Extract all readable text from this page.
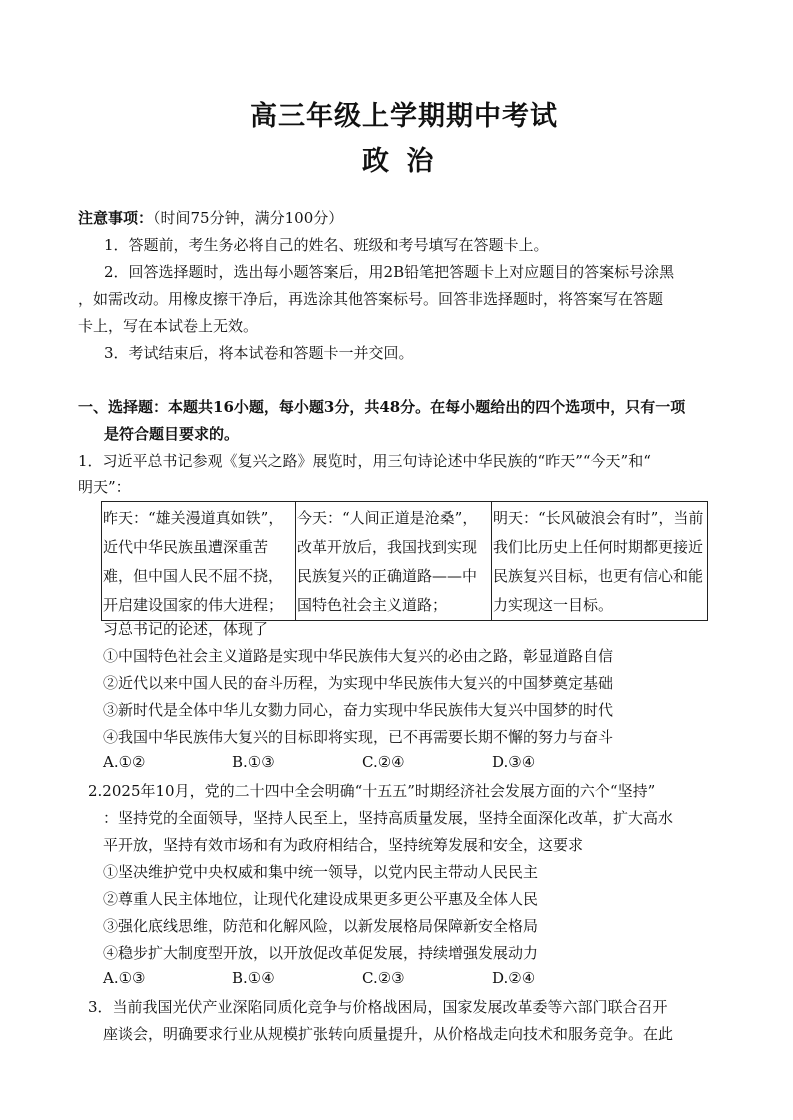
高三年级上学期期中考试
政 治
注意事项：（时间75分钟，满分100分）
1．答题前，考生务必将自己的姓名、班级和考号填写在答题卡上。
2．回答选择题时，选出每小题答案后，用2B铅笔把答题卡上对应题目的答案标号涂黑
，如需改动。用橡皮擦干净后，再选涂其他答案标号。回答非选择题时，将答案写在答题
卡上，写在本试卷上无效。
3．考试结束后，将本试卷和答题卡一并交回。
一、选择题：本题共16小题，每小题3分，共48分。在每小题给出的四个选项中，只有一项
是符合题目要求的。
1．习近平总书记参观《复兴之路》展览时，用三句诗论述中华民族的“昨天”“今天”和“
明天”：
昨天：“雄关漫道真如铁”，近代中华民族虽遭深重苦难，但中国人民不屈不挠，开启建设国家的伟大进程；	今天：“人间正道是沧桑”，改革开放后，我国找到实现民族复兴的正确道路——中国特色社会主义道路；	明天：“长风破浪会有时”，当前我们比历史上任何时期都更接近民族复兴目标，也更有信心和能力实现这一目标。
习总书记的论述，体现了
①中国特色社会主义道路是实现中华民族伟大复兴的必由之路，彰显道路自信
②近代以来中国人民的奋斗历程，为实现中华民族伟大复兴的中国梦奠定基础
③新时代是全体中华儿女勠力同心，奋力实现中华民族伟大复兴中国梦的时代
④我国中华民族伟大复兴的目标即将实现，已不再需要长期不懈的努力与奋斗
A.①②	B.①③	C.②④	D.③④
2.2025年10月，党的二十四中全会明确“十五五”时期经济社会发展方面的六个“坚持”
：坚持党的全面领导，坚持人民至上，坚持高质量发展，坚持全面深化改革，扩大高水
平开放，坚持有效市场和有为政府相结合，坚持统筹发展和安全，这要求
①坚决维护党中央权威和集中统一领导，以党内民主带动人民民主
②尊重人民主体地位，让现代化建设成果更多更公平惠及全体人民
③强化底线思维，防范和化解风险，以新发展格局保障新安全格局
④稳步扩大制度型开放，以开放促改革促发展，持续增强发展动力
A.①③	B.①④	C.②③	D.②④
3．当前我国光伏产业深陷同质化竞争与价格战困局，国家发展改革委等六部门联合召开
座谈会，明确要求行业从规模扩张转向质量提升，从价格战走向技术和服务竞争。在此
